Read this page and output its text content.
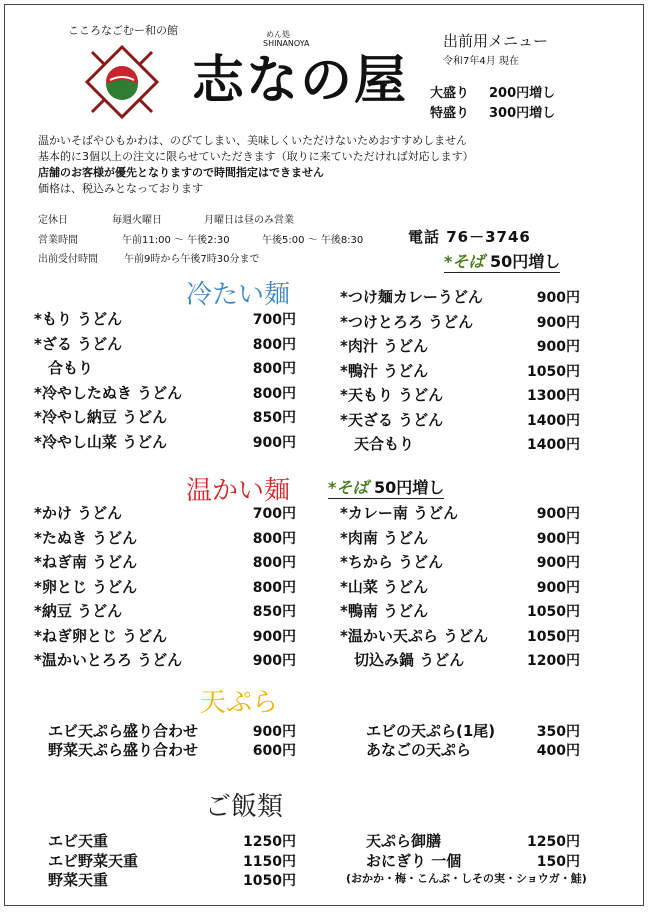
こころなごむー和の館
志なの屋
めん処 SHINANOYA	出前用メニュー
令和7年4月 現在
大盛り 200円増し
特盛り 300円増し
温かいそばやひもかわは、のびてしまい、美味しくいただけないためおすすめしません
基本的に3個以上の注文に限らせていただきます（取りに来ていただければ対応します）
店舗のお客様が優先となりますので時間指定はできません
価格は、税込みとなっております
定休日	毎週火曜日	月曜日は昼のみ営業
営業時間	午前11:00 〜 午後2:30	午後5:00 〜 午後8:30
出前受付時間	午前9時から午後7時30分まで
電話 76－3746
*そば 50円増し
冷たい麺
温かい麺 *そば 50円増し
天ぷら
ご飯類
*もり うどん	700円
*ざる うどん	800円
合もり	800円
*冷やしたぬき うどん	800円
*冷やし納豆 うどん	850円
*冷やし山菜 うどん	900円
*つけ麺カレーうどん	900円
*つけとろろ うどん	900円
*肉汁 うどん	900円
*鴨汁 うどん	1050円
*天もり うどん	1300円
*天ざる うどん	1400円
天合もり	1400円
*かけ うどん	700円
*たぬき うどん	800円
*ねぎ南 うどん	800円
*卵とじ うどん	800円
*納豆 うどん	850円
*ねぎ卵とじ うどん	900円
*温かいとろろ うどん	900円
*カレー南 うどん	900円
*肉南 うどん	900円
*ちから うどん	900円
*山菜 うどん	900円
*鴨南 うどん	1050円
*温かい天ぷら うどん	1050円
切込み鍋 うどん	1200円
エビ天ぷら盛り合わせ	900円
野菜天ぷら盛り合わせ	600円
エビの天ぷら(1尾)	350円
あなごの天ぷら	400円
エビ天重	1250円
エビ野菜天重	1150円
野菜天重	1050円
天ぷら御膳	1250円
おにぎり 一個	150円
(おかか・梅・こんぶ・しその実・ショウガ・鮭)
